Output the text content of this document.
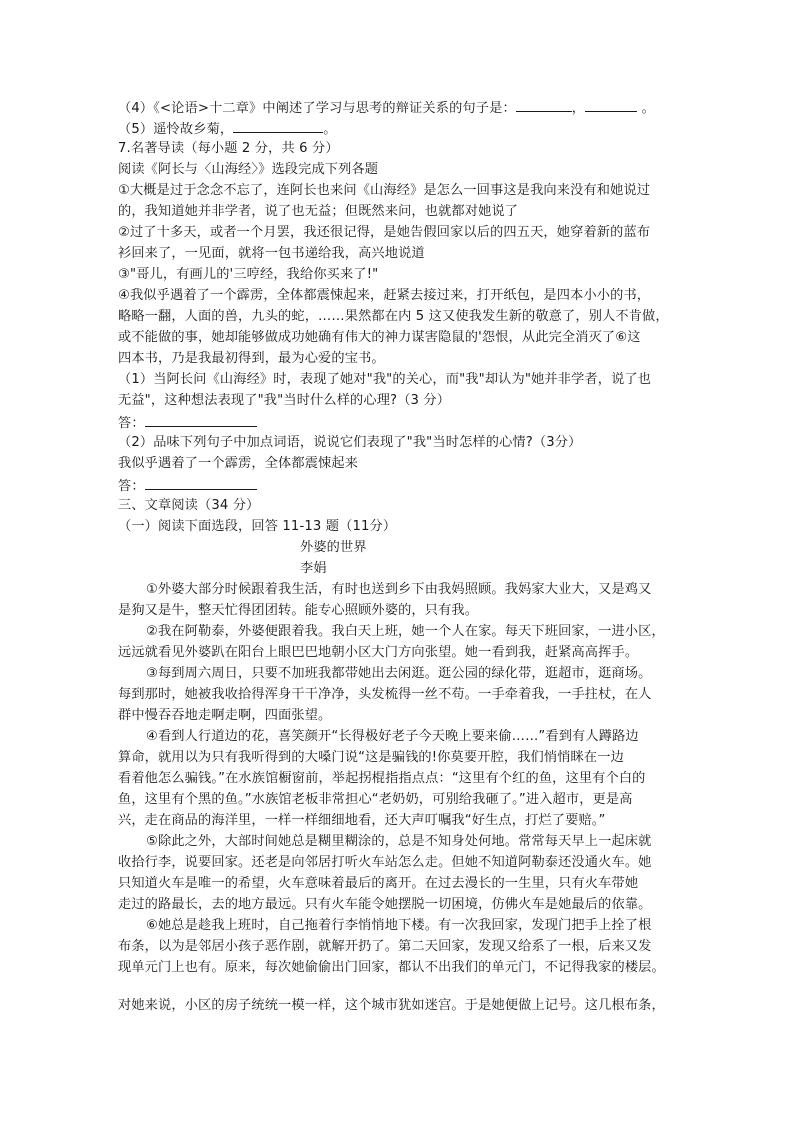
（4）《<论语>十二章》中阐述了学习与思考的辩证关系的句子是：	，	。
（5）遥怜故乡菊，	。
7.名著导读（每小题 2 分，共 6 分）
阅读《阿长与〈山海经〉》选段完成下列各题
①大概是过于念念不忘了，连阿长也来问《山海经》是怎么一回事这是我向来没有和她说过
的，我知道她并非学者，说了也无益；但既然来问，也就都对她说了
②过了十多天，或者一个月罢，我还很记得，是她告假回家以后的四五天，她穿着新的蓝布
衫回来了，一见面，就将一包书递给我，高兴地说道
③"哥儿，有画儿的'三哼经，我给你买来了!"
④我似乎遇着了一个霹雳，全体都震悚起来，赶紧去接过来，打开纸包，是四本小小的书，
略略一翻，人面的兽，九头的蛇，……果然都在内 5 这又使我发生新的敬意了，别人不肯做，
或不能做的事，她却能够做成功她确有伟大的神力谋害隐鼠的'怨恨，从此完全消灭了⑥这
四本书，乃是我最初得到，最为心爱的宝书。
（1）当阿长问《山海经》时，表现了她对"我"的关心，而"我"却认为"她并非学者，说了也
无益"，这种想法表现了"我"当时什么样的心理?（3 分）
答：
（2）品味下列句子中加点词语，说说它们表现了"我"当时怎样的心情?（3分）
我似乎遇着了一个霹雳，全体都震悚起来
答：
三、文章阅读（34 分）
（一）阅读下面选段，回答 11-13 题（11分）
外婆的世界
李娟
①外婆大部分时候跟着我生活，有时也送到乡下由我妈照顾。我妈家大业大，又是鸡又
是狗又是牛，整天忙得团团转。能专心照顾外婆的，只有我。
②我在阿勒泰，外婆便跟着我。我白天上班，她一个人在家。每天下班回家，一进小区，
远远就看见外婆趴在阳台上眼巴巴地朝小区大门方向张望。她一看到我，赶紧高高挥手。
③每到周六周日，只要不加班我都带她出去闲逛。逛公园的绿化带，逛超市，逛商场。
每到那时，她被我收拾得浑身干干净净，头发梳得一丝不苟。一手牵着我，一手拄杖，在人
群中慢吞吞地走啊走啊，四面张望。
④看到人行道边的花，喜笑颜开“长得极好老子今天晚上要来偷……”看到有人蹲路边
算命，就用以为只有我听得到的大嗓门说“这是骗钱的!你莫要开腔，我们悄悄眯在一边
看着他怎么骗钱。”在水族馆橱窗前，举起拐棍指指点点：“这里有个红的鱼，这里有个白的
鱼，这里有个黑的鱼。”水族馆老板非常担心“老奶奶，可别给我砸了。”进入超市，更是高
兴，走在商品的海洋里，一样一样细细地看，还大声叮嘱我“好生点，打烂了要赔。”
⑤除此之外，大部时间她总是糊里糊涂的，总是不知身处何地。常常每天早上一起床就
收拾行李，说要回家。还老是向邻居打听火车站怎么走。但她不知道阿勒泰还没通火车。她
只知道火车是唯一的希望，火车意味着最后的离开。在过去漫长的一生里，只有火车带她
走过的路最长，去的地方最远。只有火车能令她摆脱一切困境，仿佛火车是她最后的依靠。
⑥她总是趁我上班时，自己拖着行李悄悄地下楼。有一次我回家，发现门把手上拴了根
布条，以为是邻居小孩子恶作剧，就解开扔了。第二天回家，发现又给系了一根，后来又发
现单元门上也有。原来，每次她偷偷出门回家，都认不出我们的单元门，不记得我家的楼层。
对她来说，小区的房子统统一模一样，这个城市犹如迷宫。于是她便做上记号。这几根布条，
